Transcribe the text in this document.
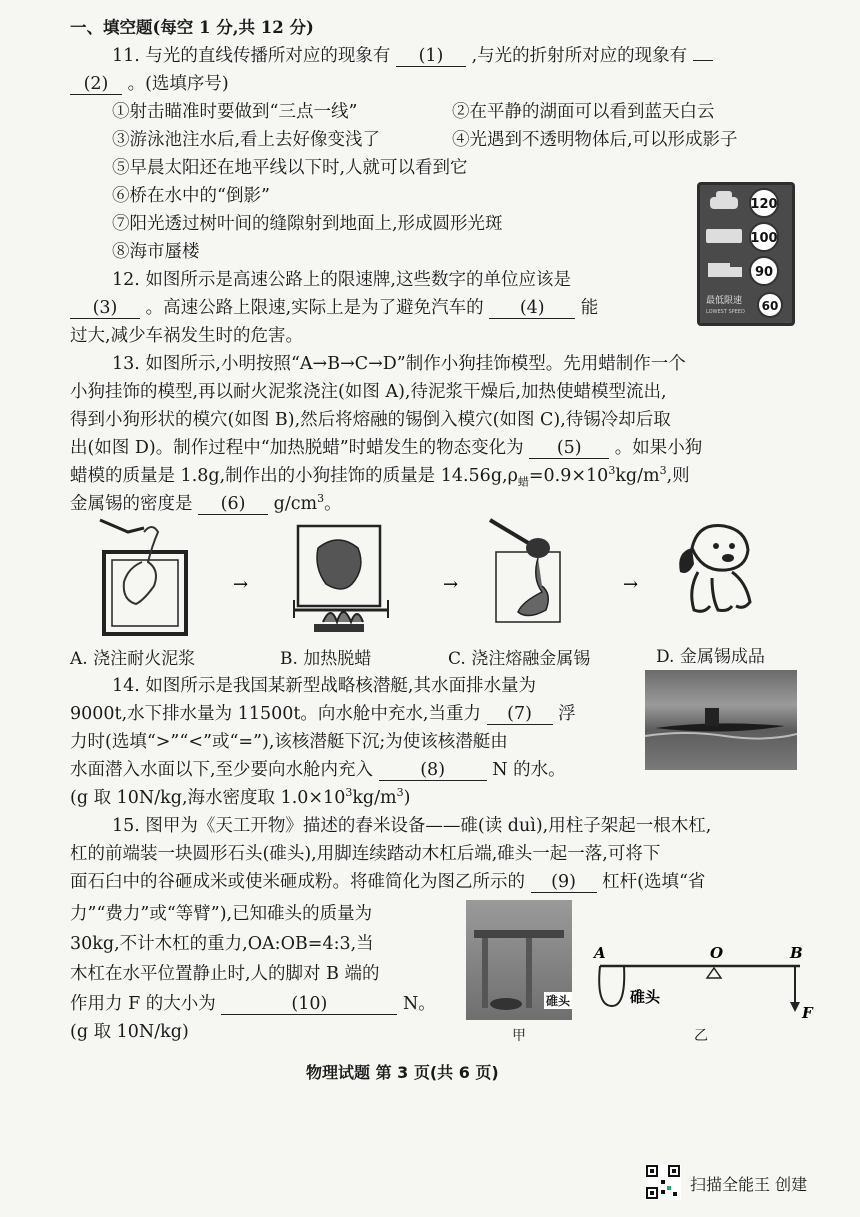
一、填空题(每空 1 分,共 12 分)
11. 与光的直线传播所对应的现象有 (1) ,与光的折射所对应的现象有
(2) 。(选填序号)
①射击瞄准时要做到“三点一线”	②在平静的湖面可以看到蓝天白云
③游泳池注水后,看上去好像变浅了	④光遇到不透明物体后,可以形成影子
⑤早晨太阳还在地平线以下时,人就可以看到它
⑥桥在水中的“倒影”
⑦阳光透过树叶间的缝隙射到地面上,形成圆形光斑
⑧海市蜃楼
120
100
90
最低限速
LOWEST SPEED 60
12. 如图所示是高速公路上的限速牌,这些数字的单位应该是
(3) 。高速公路上限速,实际上是为了避免汽车的 (4) 能
过大,减少车祸发生时的危害。
13. 如图所示,小明按照“A→B→C→D”制作小狗挂饰模型。先用蜡制作一个
小狗挂饰的模型,再以耐火泥浆浇注(如图 A),待泥浆干燥后,加热使蜡模型流出,
得到小狗形状的模穴(如图 B),然后将熔融的锡倒入模穴(如图 C),待锡冷却后取
出(如图 D)。制作过程中“加热脱蜡”时蜡发生的物态变化为 (5) 。如果小狗
蜡模的质量是 1.8g,制作出的小狗挂饰的质量是 $14.56g,\rho_蜡=0.9\times 10^3kg/m^3$,则
金属锡的密度是 (6) $g/cm^3$。
→	→	→
A. 浇注耐火泥浆	B. 加热脱蜡	C. 浇注熔融金属锡	D. 金属锡成品
14. 如图所示是我国某新型战略核潜艇,其水面排水量为
9000t,水下排水量为 11500t。向水舱中充水,当重力 (7) 浮
力时(选填“>”“<”或“=”),该核潜艇下沉;为使该核潜艇由
水面潜入水面以下,至少要向水舱内充入	(8)	N 的水。
(g 取 10N/kg,海水密度取 $1.0\times 10^3kg/m^3$)
15. 图甲为《天工开物》描述的舂米设备——碓(读 duì),用柱子架起一根木杠,
杠的前端装一块圆形石头(碓头),用脚连续踏动木杠后端,碓头一起一落,可将下
面石臼中的谷砸成米或使米砸成粉。将碓简化为图乙所示的 (9) 杠杆(选填“省
力”“费力”或“等臂”),已知碓头的质量为
30kg,不计木杠的重力,OA:OB=4:3,当
木杠在水平位置静止时,人的脚对 B 端的
作用力 F 的大小为	(10)	N。
(g 取 10N/kg)
碓头
甲
A	O	B
F
碓头
乙
物理试题 第 3 页(共 6 页)
扫描全能王 创建
